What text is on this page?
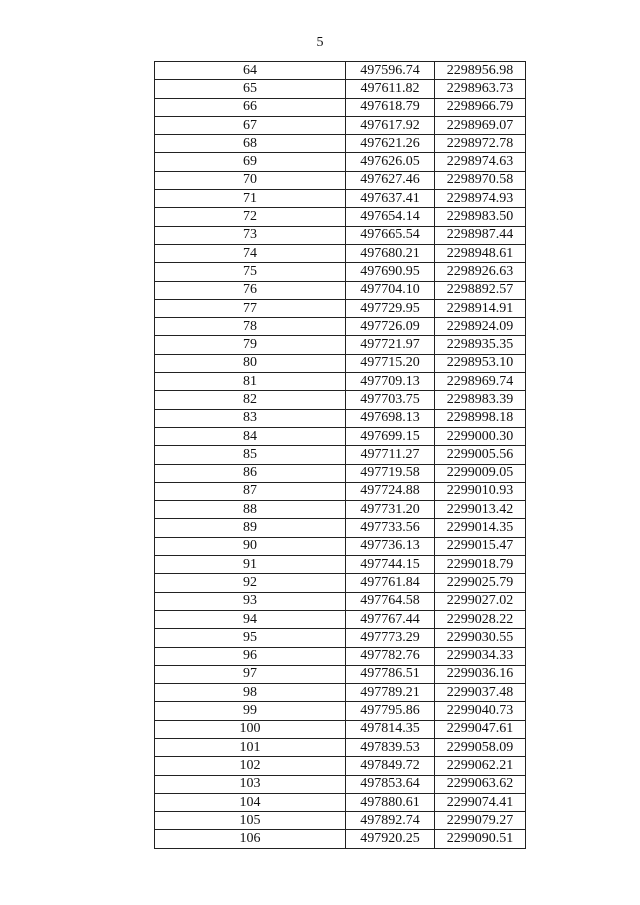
5
64	497596.74	2298956.98
65	497611.82	2298963.73
66	497618.79	2298966.79
67	497617.92	2298969.07
68	497621.26	2298972.78
69	497626.05	2298974.63
70	497627.46	2298970.58
71	497637.41	2298974.93
72	497654.14	2298983.50
73	497665.54	2298987.44
74	497680.21	2298948.61
75	497690.95	2298926.63
76	497704.10	2298892.57
77	497729.95	2298914.91
78	497726.09	2298924.09
79	497721.97	2298935.35
80	497715.20	2298953.10
81	497709.13	2298969.74
82	497703.75	2298983.39
83	497698.13	2298998.18
84	497699.15	2299000.30
85	497711.27	2299005.56
86	497719.58	2299009.05
87	497724.88	2299010.93
88	497731.20	2299013.42
89	497733.56	2299014.35
90	497736.13	2299015.47
91	497744.15	2299018.79
92	497761.84	2299025.79
93	497764.58	2299027.02
94	497767.44	2299028.22
95	497773.29	2299030.55
96	497782.76	2299034.33
97	497786.51	2299036.16
98	497789.21	2299037.48
99	497795.86	2299040.73
100	497814.35	2299047.61
101	497839.53	2299058.09
102	497849.72	2299062.21
103	497853.64	2299063.62
104	497880.61	2299074.41
105	497892.74	2299079.27
106	497920.25	2299090.51
